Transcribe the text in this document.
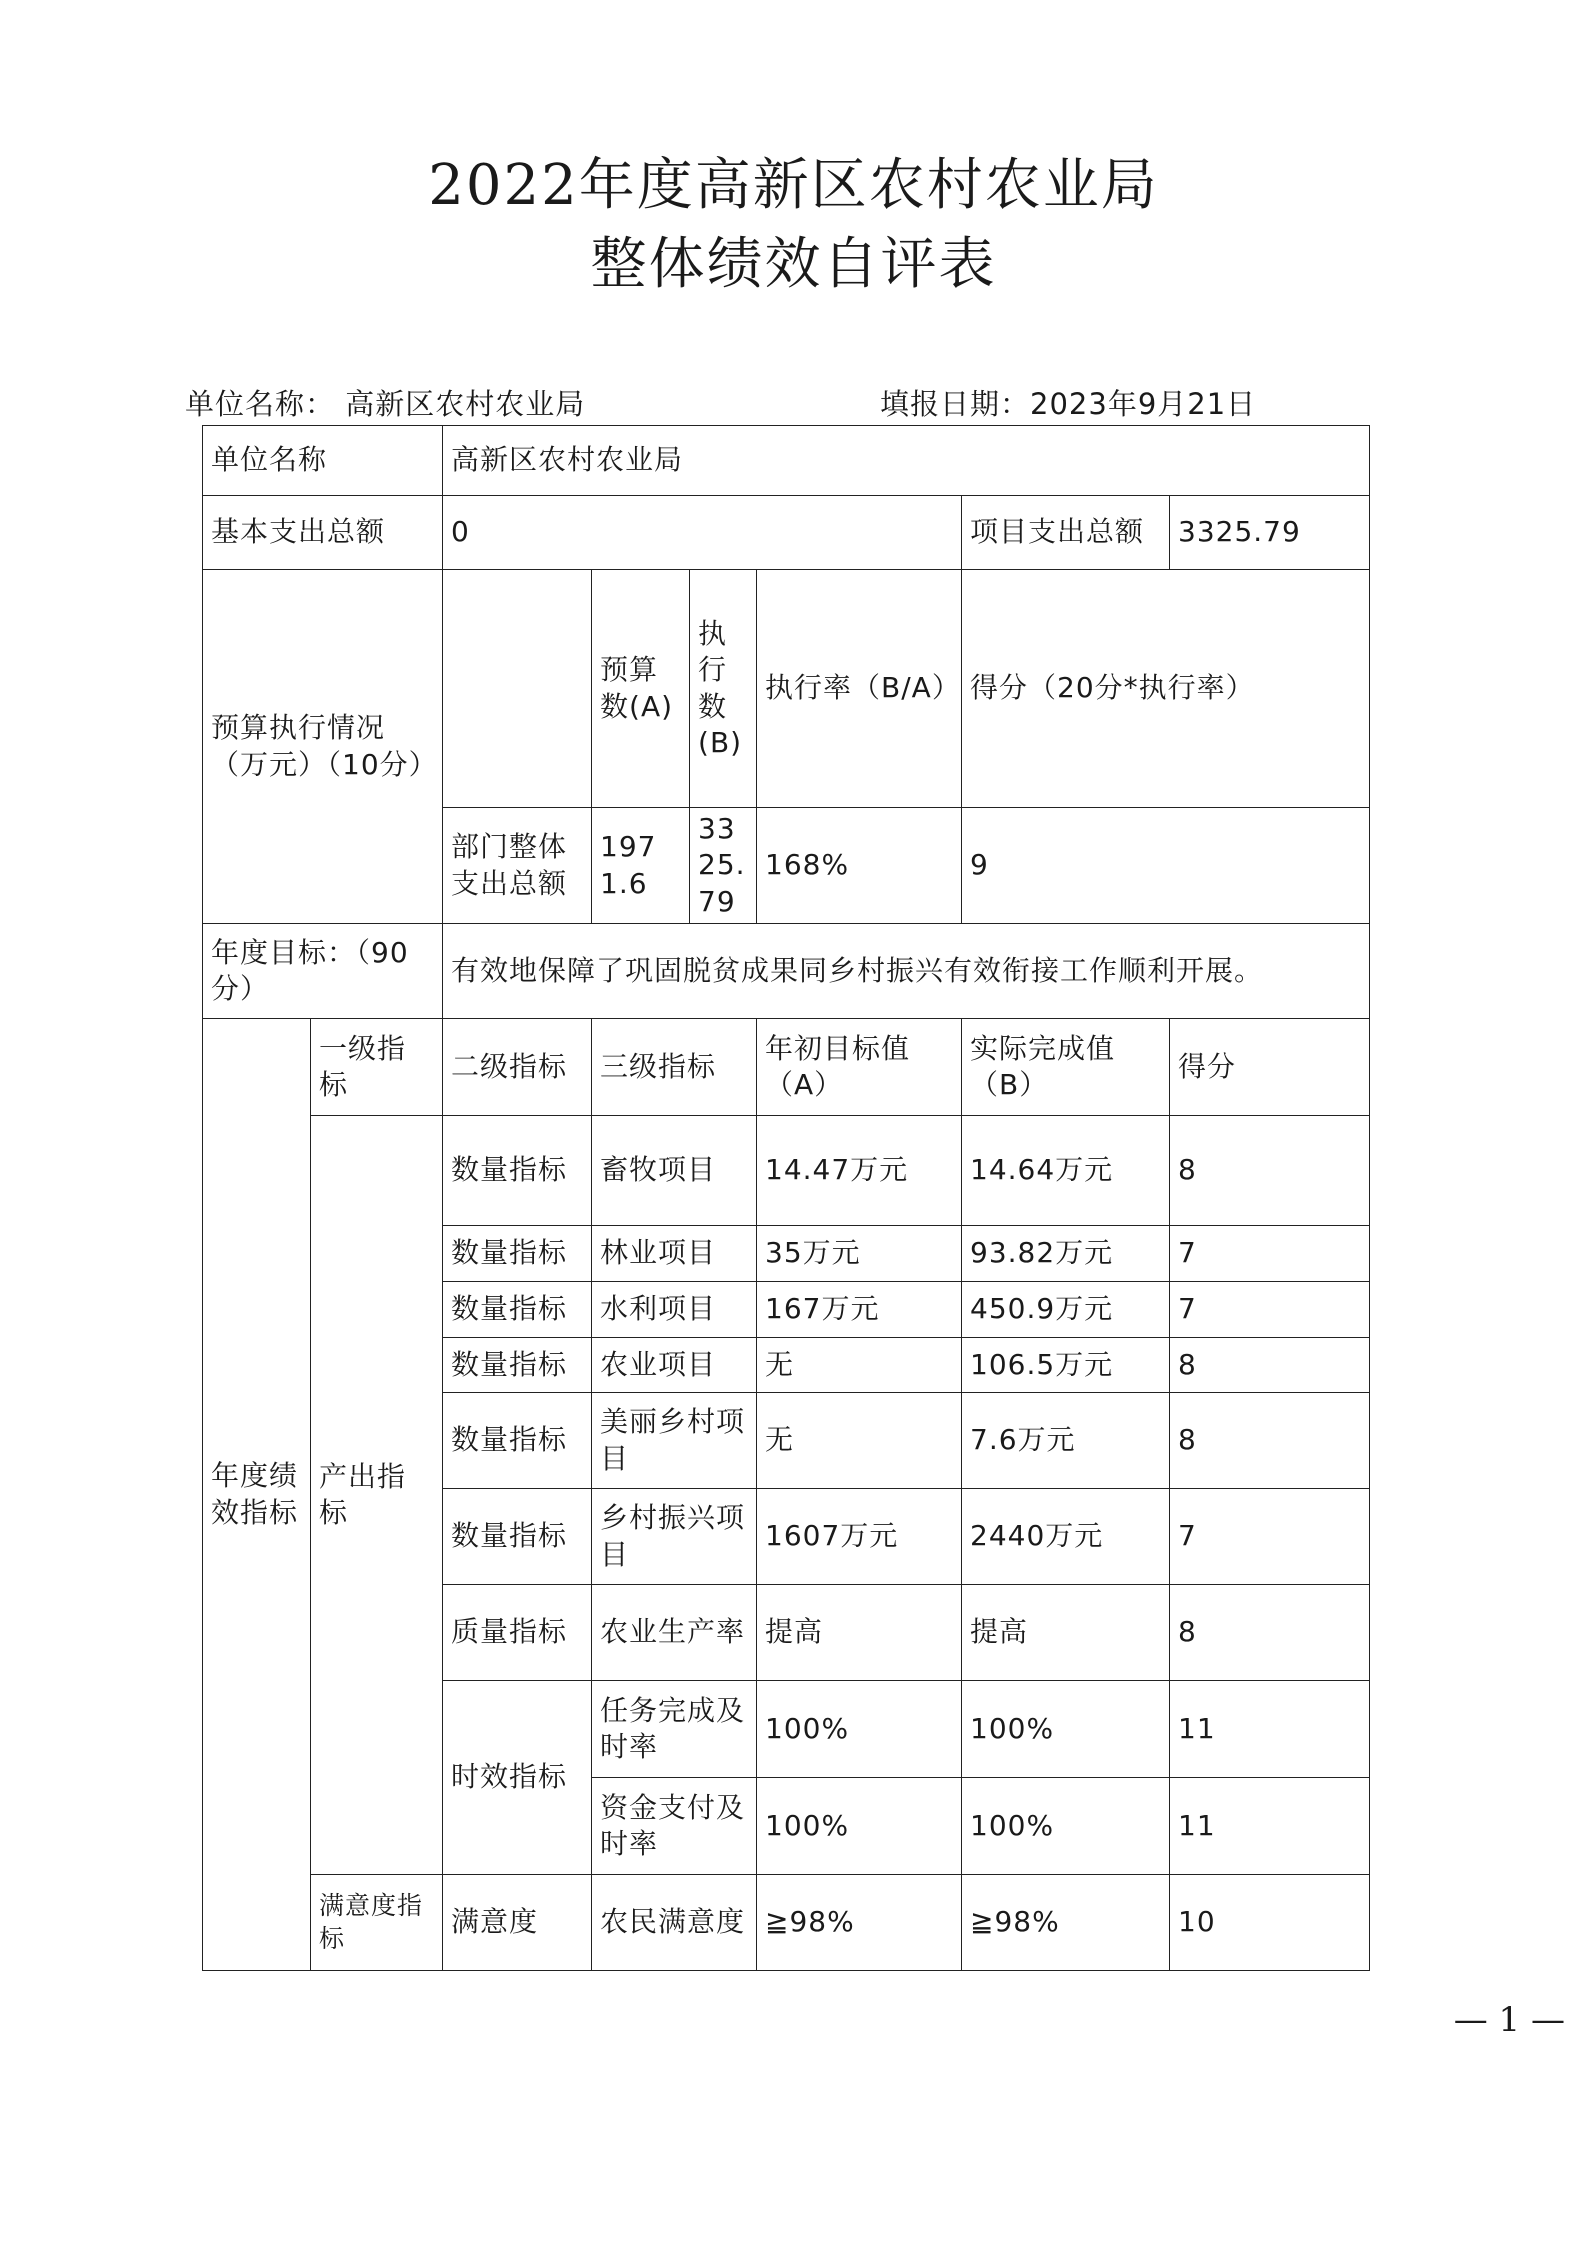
2022年度高新区农村农业局
整体绩效自评表
单位名称： 高新区农村农业局	填报日期：2023年9月21日
单位名称		高新区农村农业局					
基本支出总额		0				项目支出总额	3325.79
预算执行情况（万元）（10分）			预算数(A)	执行数(B)	执行率（B/A）	得分（20分*执行率）	
		部门整体支出总额	1971.6	3325.79	168%	9	
年度目标：（90分）		有效地保障了巩固脱贫成果同乡村振兴有效衔接工作顺利开展。					
年度绩效指标	一级指标	二级指标	三级指标		年初目标值（A）	实际完成值（B）	得分
	产出指标	数量指标	畜牧项目		14.47万元	14.64万元	8
		数量指标	林业项目		35万元	93.82万元	7
		数量指标	水利项目		167万元	450.9万元	7
		数量指标	农业项目		无	106.5万元	8
		数量指标	美丽乡村项目		无	7.6万元	8
		数量指标	乡村振兴项目		1607万元	2440万元	7
		质量指标	农业生产率		提高	提高	8
		时效指标	任务完成及时率		100%	100%	11
			资金支付及时率		100%	100%	11
	满意度指标	满意度	农民满意度		≧98%	≧98%	10
— 1 —
